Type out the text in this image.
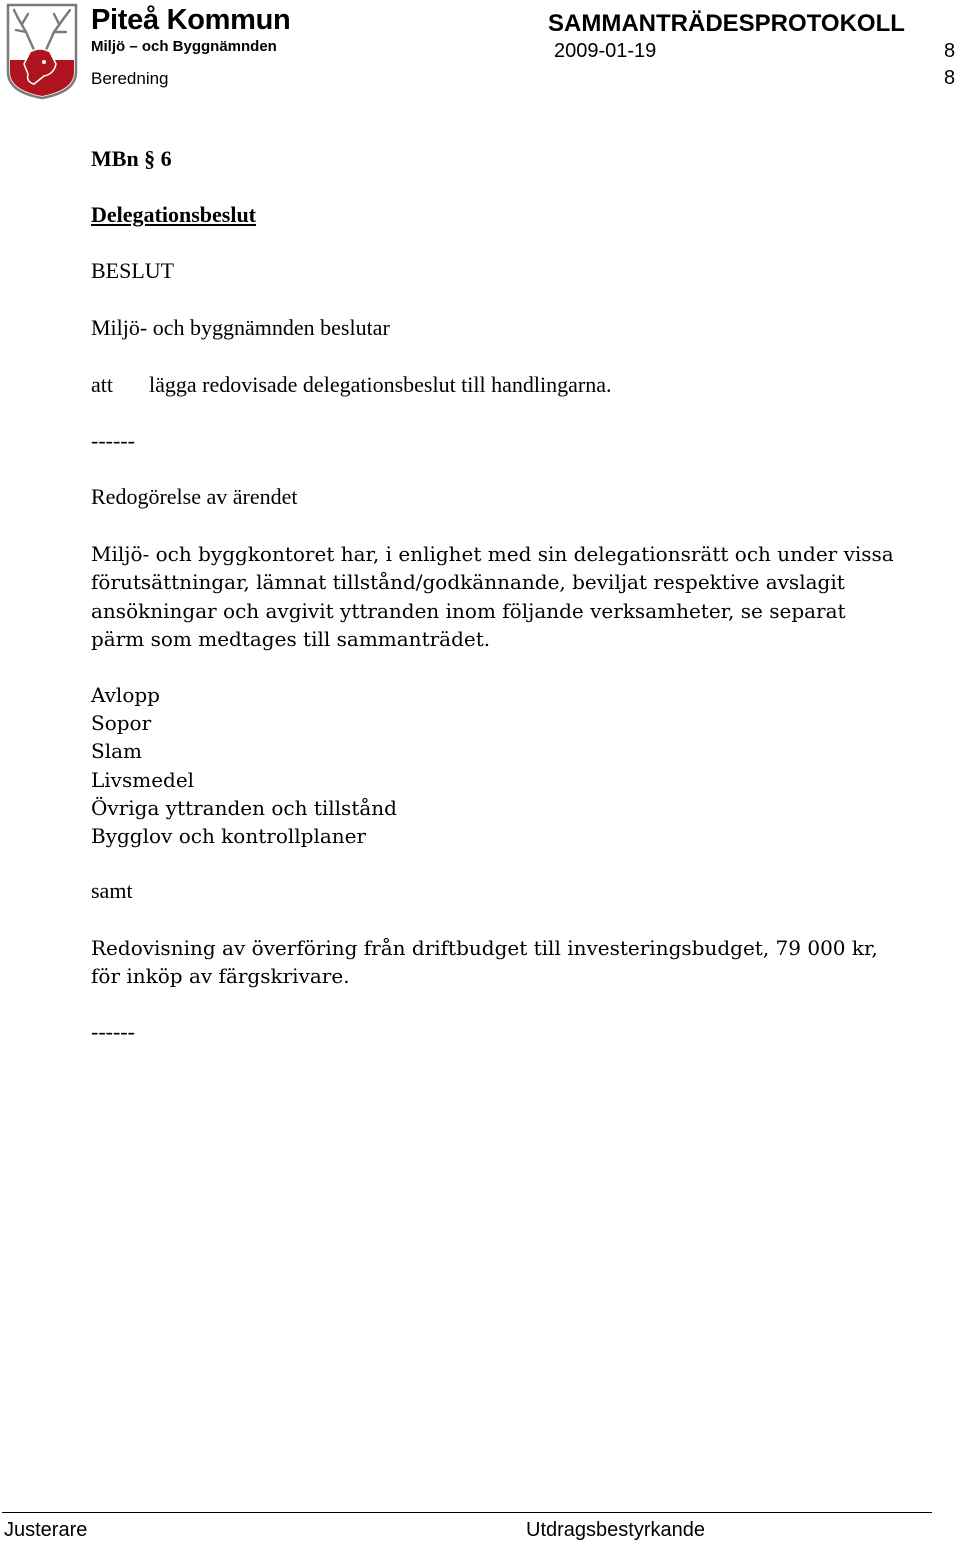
Piteå Kommun
Miljö – och Byggnämnden
SAMMANTRÄDESPROTOKOLL
2009-01-19	8
Beredning	8
MBn § 6
Delegationsbeslut
BESLUT
Miljö- och byggnämnden beslutar
att lägga redovisade delegationsbeslut till handlingarna.
------
Redogörelse av ärendet
Miljö- och byggkontoret har, i enlighet med sin delegationsrätt och under vissa
förutsättningar, lämnat tillstånd/godkännande, beviljat respektive avslagit
ansökningar och avgivit yttranden inom följande verksamheter, se separat
pärm som medtages till sammanträdet.
Avlopp
Sopor
Slam
Livsmedel
Övriga yttranden och tillstånd
Bygglov och kontrollplaner
samt
Redovisning av överföring från driftbudget till investeringsbudget, 79 000 kr,
för inköp av färgskrivare.
------
Justerare	Utdragsbestyrkande
